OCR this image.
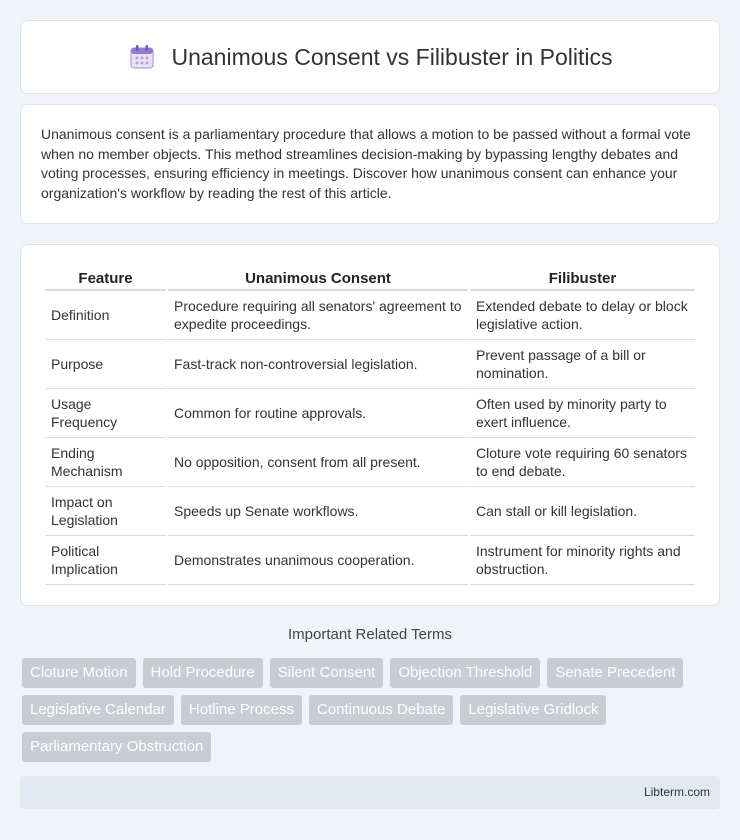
Unanimous Consent vs Filibuster in Politics

Unanimous consent is a parliamentary procedure that allows a motion to be passed without a formal vote when no member objects. This method streamlines decision-making by bypassing lengthy debates and voting processes, ensuring efficiency in meetings. Discover how unanimous consent can enhance your organization's workflow by reading the rest of this article.

Feature	Unanimous Consent	Filibuster
Definition	Procedure requiring all senators' agreement to expedite proceedings.	Extended debate to delay or block legislative action.
Purpose	Fast-track non-controversial legislation.	Prevent passage of a bill or nomination.
Usage Frequency	Common for routine approvals.	Often used by minority party to exert influence.
Ending Mechanism	No opposition, consent from all present.	Cloture vote requiring 60 senators to end debate.
Impact on Legislation	Speeds up Senate workflows.	Can stall or kill legislation.
Political Implication	Demonstrates unanimous cooperation.	Instrument for minority rights and obstruction.
Important Related Terms
Cloture Motion	Hold Procedure	Silent Consent	Objection Threshold	Senate Precedent
Legislative Calendar	Hotline Process	Continuous Debate	Legislative Gridlock
Parliamentary Obstruction
Libterm.com
